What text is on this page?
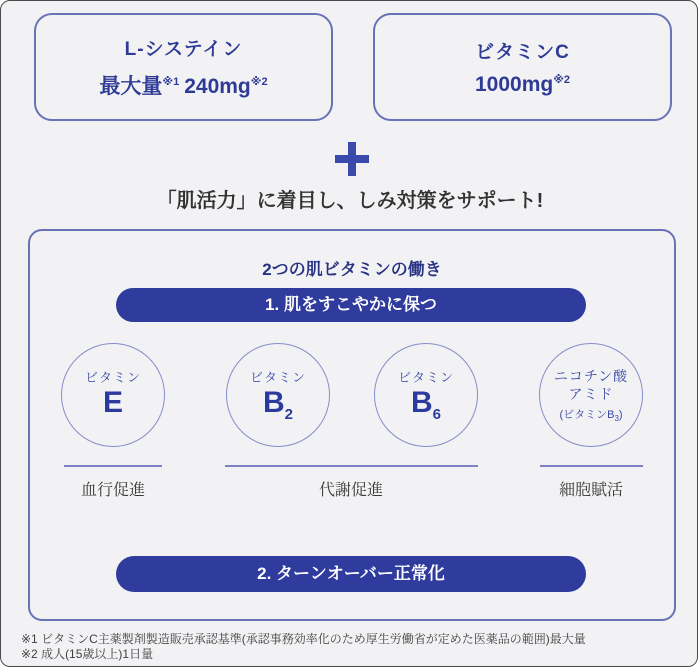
L-システイン
最大量$^{※1}$ $240mg^{※2}$
ビタミンC
$1000mg^{※2}$
「肌活力」に着目し、しみ対策をサポート!
2つの肌ビタミンの働き
1. 肌をすこやかに保つ
ビタミン
E
ビタミン
$B_2$
ビタミン
$B_6$
ニコチン酸
アミド
(ビタミン$B_3$)
血行促進	代謝促進	細胞賦活
2. ターンオーバー正常化
※1 ビタミンC主薬製剤製造販売承認基準(承認事務効率化のため厚生労働省が定めた医薬品の範囲)最大量
※2 成人(15歳以上)1日量
